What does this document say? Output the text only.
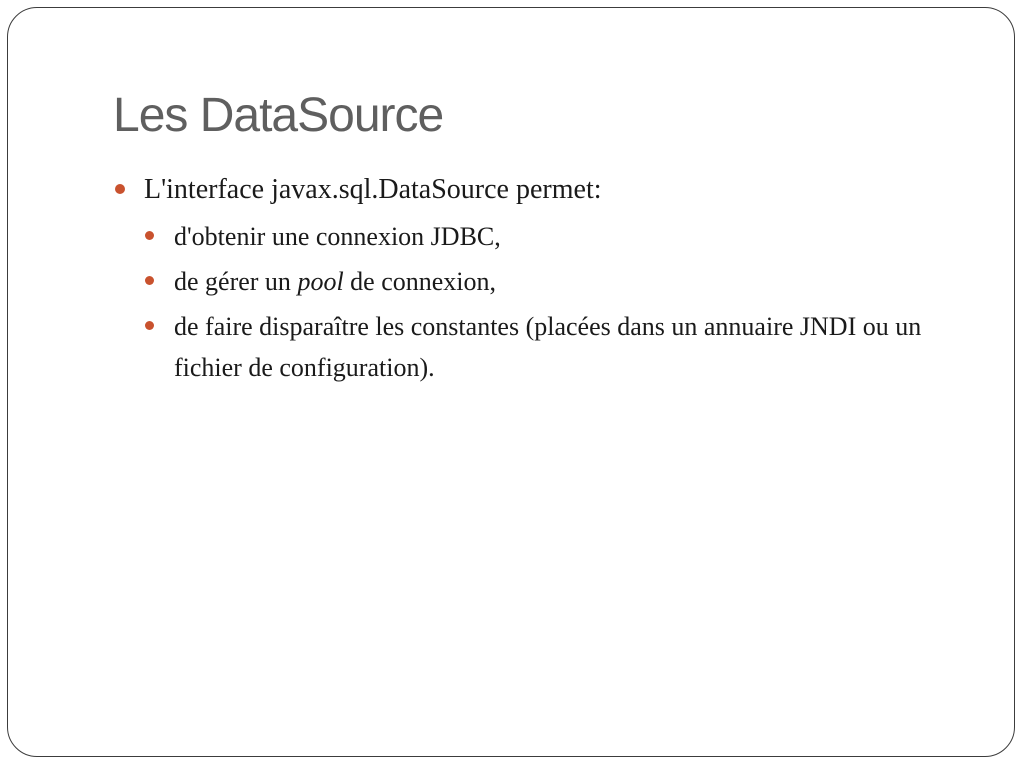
Les DataSource

L'interface javax.sql.DataSource permet:

d'obtenir une connexion JDBC,

de gérer un pool de connexion,

de faire disparaître les constantes (placées dans un annuaire JNDI ou un fichier de configuration).
